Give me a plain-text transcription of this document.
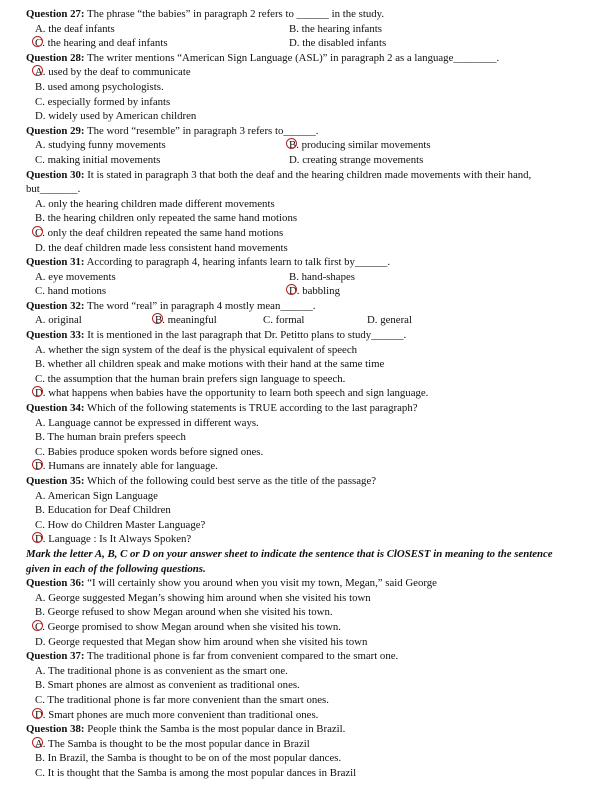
Question 27: The phrase “the babies” in paragraph 2 refers to ______ in the study.
A. the deaf infants	B. the hearing infants
C. the hearing and deaf infants	D. the disabled infants
Question 28: The writer mentions “American Sign Language (ASL)” in paragraph 2 as a language________.
A. used by the deaf to communicate
B. used among psychologists.
C. especially formed by infants
D. widely used by American children
Question 29: The word “resemble” in paragraph 3 refers to______.
A. studying funny movements	B. producing similar movements
C. making initial movements	D. creating strange movements
Question 30: It is stated in paragraph 3 that both the deaf and the hearing children made movements with their hand, but_______.
A. only the hearing children made different movements
B. the hearing children only repeated the same hand motions
C. only the deaf children repeated the same hand motions
D. the deaf children made less consistent hand movements
Question 31: According to paragraph 4, hearing infants learn to talk first by______.
A. eye movements	B. hand-shapes
C. hand motions	D. babbling
Question 32: The word “real” in paragraph 4 mostly mean______.
A. original	B. meaningful	C. formal	D. general
Question 33: It is mentioned in the last paragraph that Dr. Petitto plans to study______.
A. whether the sign system of the deaf is the physical equivalent of speech
B. whether all children speak and make motions with their hand at the same time
C. the assumption that the human brain prefers sign language to speech.
D. what happens when babies have the opportunity to learn both speech and sign language.
Question 34: Which of the following statements is TRUE according to the last paragraph?
A. Language cannot be expressed in different ways.
B. The human brain prefers speech
C. Babies produce spoken words before signed ones.
D. Humans are innately able for language.
Question 35: Which of the following could best serve as the title of the passage?
A. American Sign Language
B. Education for Deaf Children
C. How do Children Master Language?
D. Language : Is It Always Spoken?
Mark the letter A, B, C or D on your answer sheet to indicate the sentence that is ClOSEST in meaning to the sentence given in each of the following questions.
Question 36: “I will certainly show you around when you visit my town, Megan,” said George
A. George suggested Megan’s showing him around when she visited his town
B. George refused to show Megan around when she visited his town.
C. George promised to show Megan around when she visited his town.
D. George requested that Megan show him around when she visited his town
Question 37: The traditional phone is far from convenient compared to the smart one.
A. The traditional phone is as convenient as the smart one.
B. Smart phones are almost as convenient as traditional ones.
C. The traditional phone is far more convenient than the smart ones.
D. Smart phones are much more convenient than traditional ones.
Question 38: People think the Samba is the most popular dance in Brazil.
A. The Samba is thought to be the most popular dance in Brazil
B. In Brazil, the Samba is thought to be on of the most popular dances.
C. It is thought that the Samba is among the most popular dances in Brazil
